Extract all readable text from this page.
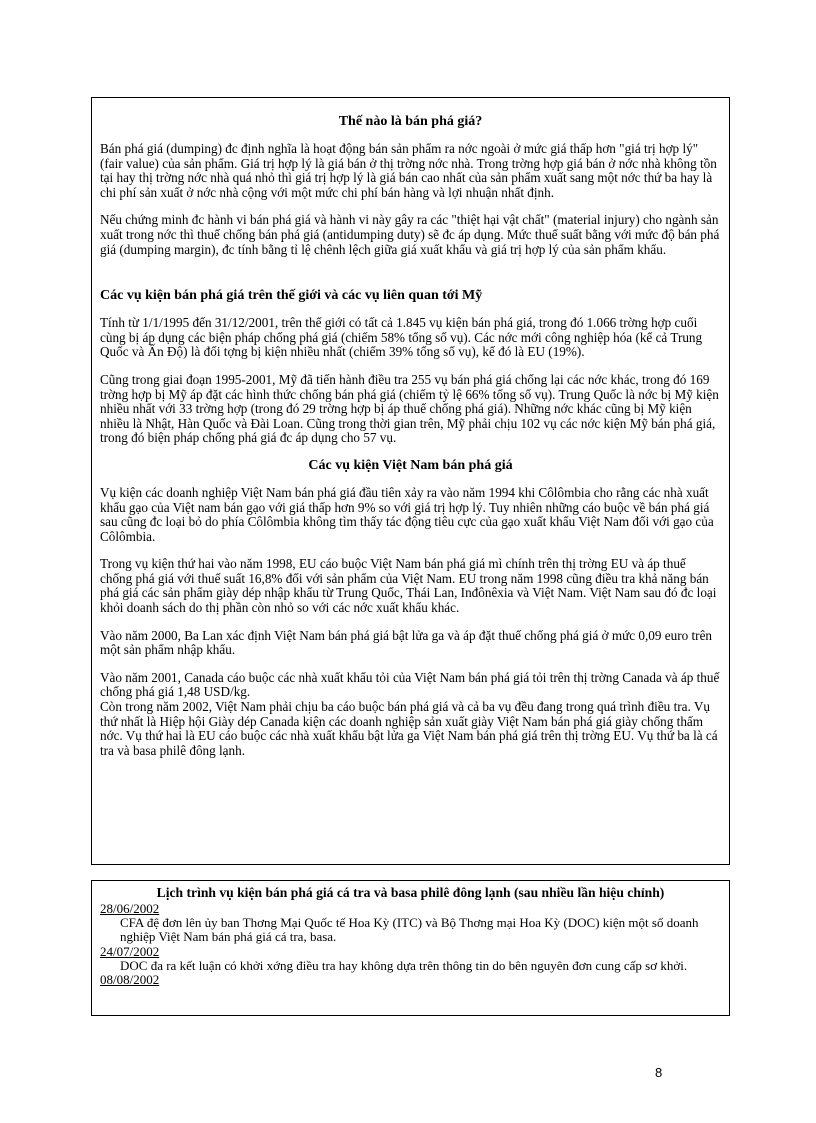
Thế nào là bán phá giá?

Bán phá giá (dumping) đc định nghĩa là hoạt động bán sản phẩm ra nớc ngoài ở mức giá thấp hơn "giá trị hợp lý" (fair value) của sản phẩm. Giá trị hợp lý là giá bán ở thị trờng nớc nhà. Trong trờng hợp giá bán ở nớc nhà không tồn tại hay thị trờng nớc nhà quá nhỏ thì giá trị hợp lý là giá bán cao nhất của sản phẩm xuất sang một nớc thứ ba hay là chi phí sản xuất ở nớc nhà cộng với một mức chi phí bán hàng và lợi nhuận nhất định.

Nếu chứng minh đc hành vi bán phá giá và hành vi này gây ra các "thiệt hại vật chất" (material injury) cho ngành sản xuất trong nớc thì thuế chống bán phá giá (antidumping duty) sẽ đc áp dụng. Mức thuế suất bằng với mức độ bán phá giá (dumping margin), đc tính bằng tỉ lệ chênh lệch giữa giá xuất khẩu và giá trị hợp lý của sản phẩm khẩu.

Các vụ kiện bán phá giá trên thế giới và các vụ liên quan tới Mỹ

Tính từ 1/1/1995 đến 31/12/2001, trên thế giới có tất cả 1.845 vụ kiện bán phá giá, trong đó 1.066 trờng hợp cuối cùng bị áp dụng các biện pháp chống phá giá (chiếm 58% tổng số vụ). Các nớc mới công nghiệp hóa (kể cả Trung Quốc và Ấn Độ) là đối tợng bị kiện nhiều nhất (chiếm 39% tổng số vụ), kế đó là EU (19%).

Cũng trong giai đoạn 1995-2001, Mỹ đã tiến hành điều tra 255 vụ bán phá giá chống lại các nớc khác, trong đó 169 trờng hợp bị Mỹ áp đặt các hình thức chống bán phá giá (chiếm tỷ lệ 66% tổng số vụ). Trung Quốc là nớc bị Mỹ kiện nhiều nhất với 33 trờng hợp (trong đó 29 trờng hợp bị áp thuế chống phá giá). Những nớc khác cũng bị Mỹ kiện nhiều là Nhật, Hàn Quốc và Đài Loan. Cũng trong thời gian trên, Mỹ phải chịu 102 vụ các nớc kiện Mỹ bán phá giá, trong đó biện pháp chống phá giá đc áp dụng cho 57 vụ.

Các vụ kiện Việt Nam bán phá giá

Vụ kiện các doanh nghiệp Việt Nam bán phá giá đầu tiên xảy ra vào năm 1994 khi Côlômbia cho rằng các nhà xuất khẩu gạo của Việt nam bán gạo với giá thấp hơn 9% so với giá trị hợp lý. Tuy nhiên những cáo buộc về bán phá giá sau cũng đc loại bỏ do phía Côlômbia không tìm thấy tác động tiêu cực của gạo xuất khẩu Việt Nam đối với gạo của Côlômbia.

Trong vụ kiện thứ hai vào năm 1998, EU cáo buộc Việt Nam bán phá giá mì chính trên thị trờng EU và áp thuế chống phá giá với thuế suất 16,8% đối với sản phẩm của Việt Nam. EU trong năm 1998 cũng điều tra khả năng bán phá giá các sản phẩm giày dép nhập khẩu từ Trung Quốc, Thái Lan, Inđônêxia và Việt Nam. Việt Nam sau đó đc loại khỏi doanh sách do thị phần còn nhỏ so với các nớc xuất khẩu khác.

Vào năm 2000, Ba Lan xác định Việt Nam bán phá giá bật lửa ga và áp đặt thuế chống phá giá ở mức 0,09 euro trên một sản phẩm nhập khẩu.

Vào năm 2001, Canada cáo buộc các nhà xuất khẩu tỏi của Việt Nam bán phá giá tỏi trên thị trờng Canada và áp thuế chống phá giá 1,48 USD/kg.

Còn trong năm 2002, Việt Nam phải chịu ba cáo buộc bán phá giá và cả ba vụ đều đang trong quá trình điều tra. Vụ thứ nhất là Hiệp hội Giày dép Canada kiện các doanh nghiệp sản xuất giày Việt Nam bán phá giá giày chống thấm nớc. Vụ thứ hai là EU cáo buộc các nhà xuất khẩu bật lửa ga Việt Nam bán phá giá trên thị trờng EU. Vụ thứ ba là cá tra và basa philê đông lạnh.

Lịch trình vụ kiện bán phá giá cá tra và basa philê đông lạnh (sau nhiều lần hiệu chỉnh)
28/06/2002
CFA đệ đơn lên ủy ban Thơng Mại Quốc tế Hoa Kỳ (ITC) và Bộ Thơng mại Hoa Kỳ (DOC) kiện một số doanh nghiệp Việt Nam bán phá giá cá tra, basa.
24/07/2002
DOC đa ra kết luận có khởi xớng điều tra hay không dựa trên thông tin do bên nguyên đơn cung cấp sơ khởi.
08/08/2002
8
